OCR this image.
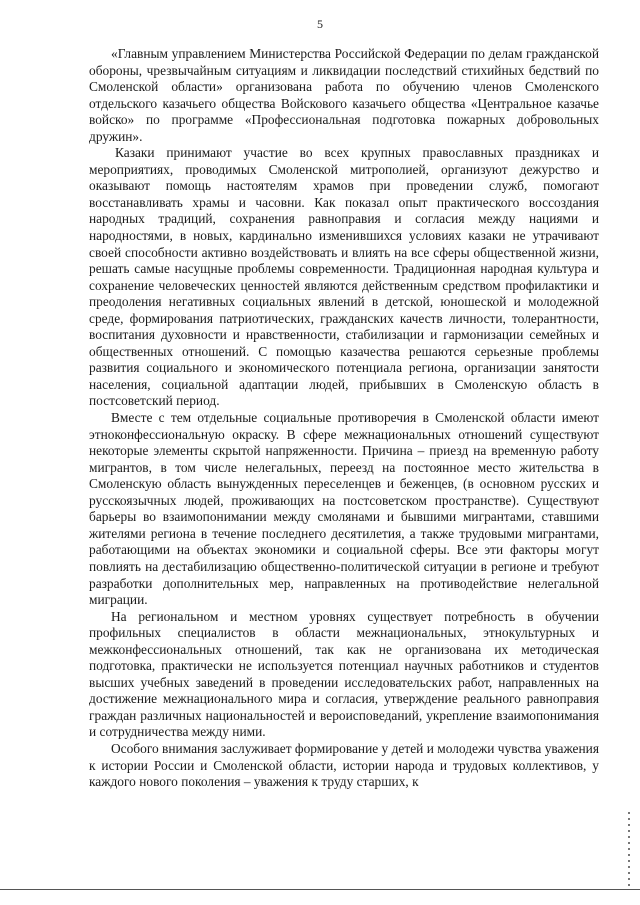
5

«Главным управлением Министерства Российской Федерации по делам гражданской обороны, чрезвычайным ситуациям и ликвидации последствий стихийных бедствий по Смоленской области» организована работа по обучению членов Смоленского отдельского казачьего общества Войскового казачьего общества «Центральное казачье войско» по программе «Профессиональная подготовка пожарных добровольных дружин».

Казаки принимают участие во всех крупных православных праздниках и мероприятиях, проводимых Смоленской митрополией, организуют дежурство и оказывают помощь настоятелям храмов при проведении служб, помогают восстанавливать храмы и часовни. Как показал опыт практического воссоздания народных традиций, сохранения равноправия и согласия между нациями и народностями, в новых, кардинально изменившихся условиях казаки не утрачивают своей способности активно воздействовать и влиять на все сферы общественной жизни, решать самые насущные проблемы современности. Традиционная народная культура и сохранение человеческих ценностей являются действенным средством профилактики и преодоления негативных социальных явлений в детской, юношеской и молодежной среде, формирования патриотических, гражданских качеств личности, толерантности, воспитания духовности и нравственности, стабилизации и гармонизации семейных и общественных отношений. С помощью казачества решаются серьезные проблемы развития социального и экономического потенциала региона, организации занятости населения, социальной адаптации людей, прибывших в Смоленскую область в постсоветский период.

Вместе с тем отдельные социальные противоречия в Смоленской области имеют этноконфессиональную окраску. В сфере межнациональных отношений существуют некоторые элементы скрытой напряженности. Причина – приезд на временную работу мигрантов, в том числе нелегальных, переезд на постоянное место жительства в Смоленскую область вынужденных переселенцев и беженцев, (в основном русских и русскоязычных людей, проживающих на постсоветском пространстве). Существуют барьеры во взаимопонимании между смолянами и бывшими мигрантами, ставшими жителями региона в течение последнего десятилетия, а также трудовыми мигрантами, работающими на объектах экономики и социальной сферы. Все эти факторы могут повлиять на дестабилизацию общественно-политической ситуации в регионе и требуют разработки дополнительных мер, направленных на противодействие нелегальной миграции.

На региональном и местном уровнях существует потребность в обучении профильных специалистов в области межнациональных, этнокультурных и межконфессиональных отношений, так как не организована их методическая подготовка, практически не используется потенциал научных работников и студентов высших учебных заведений в проведении исследовательских работ, направленных на достижение межнационального мира и согласия, утверждение реального равноправия граждан различных национальностей и вероисповеданий, укрепление взаимопонимания и сотрудничества между ними.

Особого внимания заслуживает формирование у детей и молодежи чувства уважения к истории России и Смоленской области, истории народа и трудовых коллективов, у каждого нового поколения – уважения к труду старших, к
